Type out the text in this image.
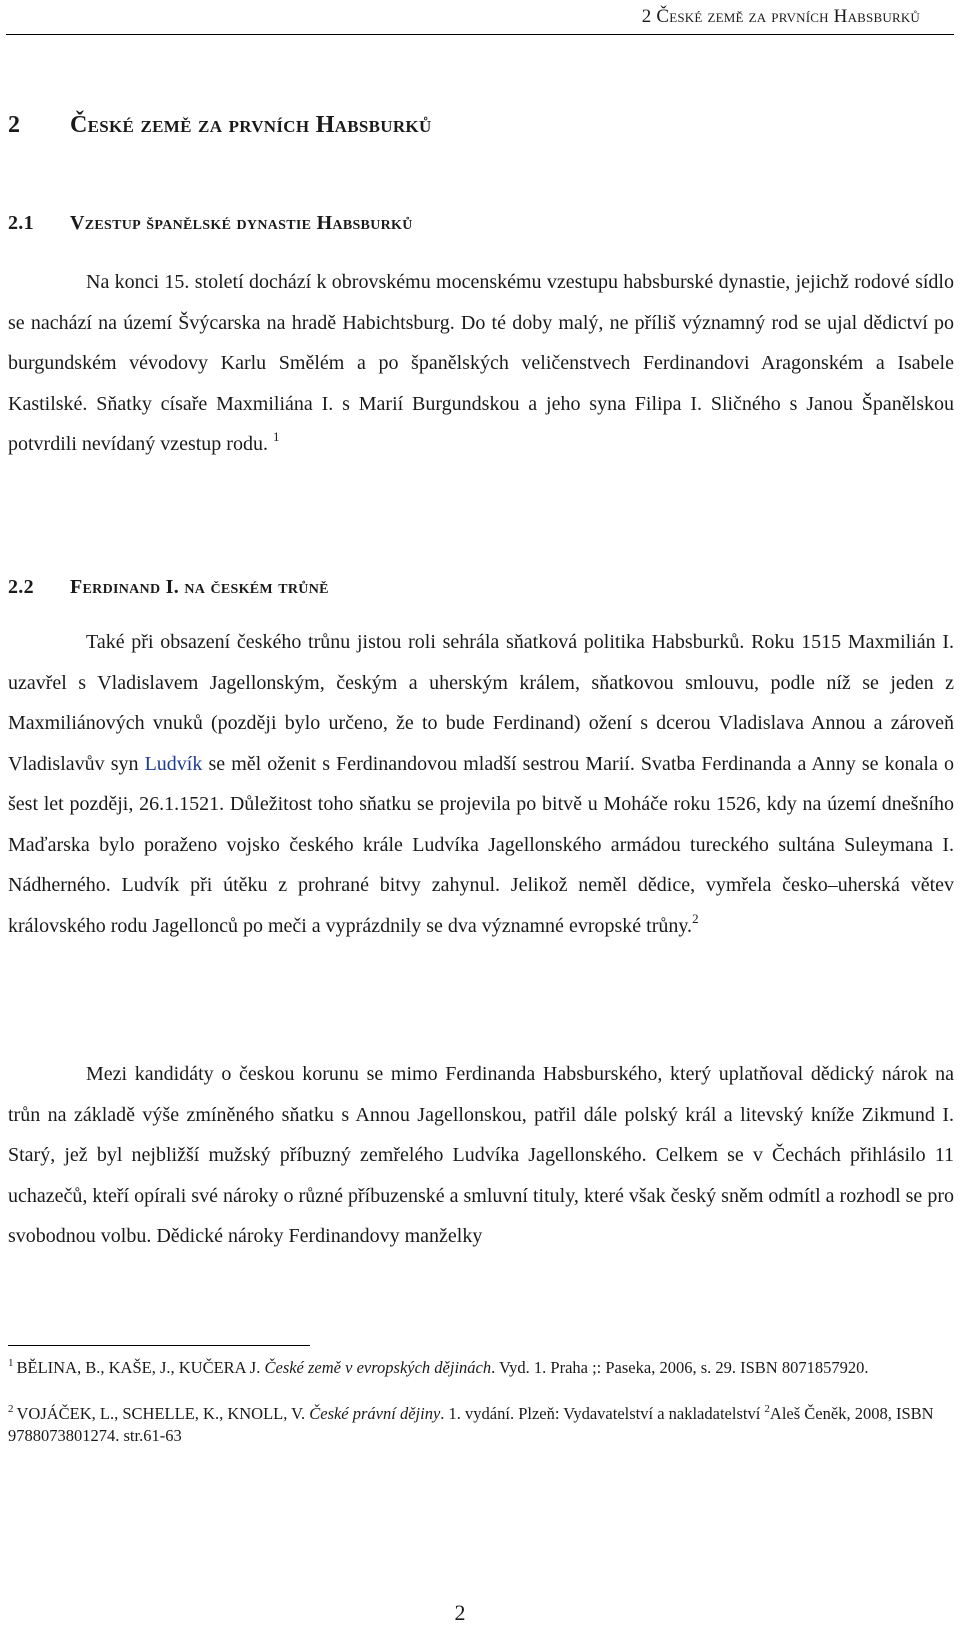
2 České země za prvních Habsburků
2 České země za prvních Habsburků
2.1 Vzestup španělské dynastie Habsburků

Na konci 15. století dochází k obrovskému mocenskému vzestupu habsburské dynastie, jejichž rodové sídlo se nachází na území Švýcarska na hradě Habichtsburg. Do té doby malý, ne příliš významný rod se ujal dědictví po burgundském vévodovy Karlu Smělém a po španělských veličenstvech Ferdinandovi Aragonském a Isabele Kastilské. Sňatky císaře Maxmiliána I. s Marií Burgundskou a jeho syna Filipa I. Sličného s Janou Španělskou potvrdili nevídaný vzestup rodu. $^1$

2.2 Ferdinand I. na českém trůně

Také při obsazení českého trůnu jistou roli sehrála sňatková politika Habsburků. Roku 1515 Maxmilián I. uzavřel s Vladislavem Jagellonským, českým a uherským králem, sňatkovou smlouvu, podle níž se jeden z Maxmiliánových vnuků (později bylo určeno, že to bude Ferdinand) ožení s dcerou Vladislava Annou a zároveň Vladislavův syn Ludvík se měl oženit s Ferdinandovou mladší sestrou Marií. Svatba Ferdinanda a Anny se konala o šest let později, 26.1.1521. Důležitost toho sňatku se projevila po bitvě u Moháče roku 1526, kdy na území dnešního Maďarska bylo poraženo vojsko českého krále Ludvíka Jagellonského armádou tureckého sultána Suleymana I. Nádherného. Ludvík při útěku z prohrané bitvy zahynul. Jelikož neměl dědice, vymřela česko–uherská větev královského rodu Jagellonců po meči a vyprázdnily se dva významné evropské trůny.$^2$

Mezi kandidáty o českou korunu se mimo Ferdinanda Habsburského, který uplatňoval dědický nárok na trůn na základě výše zmíněného sňatku s Annou Jagellonskou, patřil dále polský král a litevský kníže Zikmund I. Starý, jež byl nejbližší mužský příbuzný zemřelého Ludvíka Jagellonského. Celkem se v Čechách přihlásilo 11 uchazečů, kteří opírali své nároky o různé příbuzenské a smluvní tituly, které však český sněm odmítl a rozhodl se pro svobodnou volbu. Dědické nároky Ferdinandovy manželky

$^1$ BĚLINA, B., KAŠE, J., KUČERA J. České země v evropských dějinách. Vyd. 1. Praha ;: Paseka, 2006, s. 29. ISBN 8071857920.
$^2$ VOJÁČEK, L., SCHELLE, K., KNOLL, V. České právní dějiny. 1. vydání. Plzeň: Vydavatelství a nakladatelství $^2$Aleš Čeněk, 2008, ISBN 9788073801274. str.61-63
2
